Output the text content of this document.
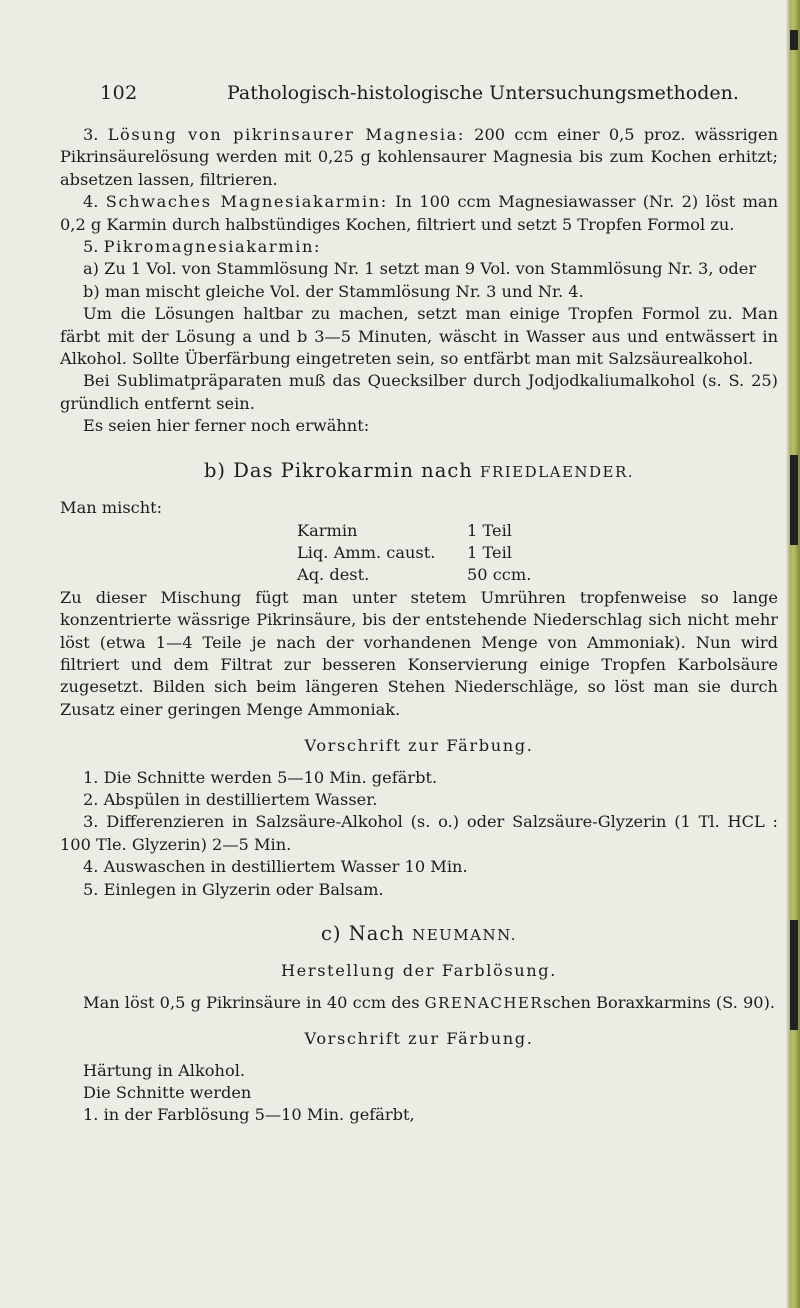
102	Pathologisch-histologische Untersuchungsmethoden.

3. Lösung von pikrinsaurer Magnesia: 200 ccm einer 0,5 proz. wässrigen Pikrinsäurelösung werden mit 0,25 g kohlensaurer Magnesia bis zum Kochen erhitzt; absetzen lassen, filtrieren.

4. Schwaches Magnesiakarmin: In 100 ccm Magnesiawasser (Nr. 2) löst man 0,2 g Karmin durch halbstündiges Kochen, filtriert und setzt 5 Tropfen Formol zu.

5. Pikromagnesiakarmin:

a) Zu 1 Vol. von Stammlösung Nr. 1 setzt man 9 Vol. von Stammlösung Nr. 3, oder

b) man mischt gleiche Vol. der Stammlösung Nr. 3 und Nr. 4.

Um die Lösungen haltbar zu machen, setzt man einige Tropfen Formol zu. Man färbt mit der Lösung a und b 3—5 Minuten, wäscht in Wasser aus und entwässert in Alkohol. Sollte Überfärbung eingetreten sein, so entfärbt man mit Salzsäurealkohol.

Bei Sublimatpräparaten muß das Quecksilber durch Jodjodkaliumalkohol (s. S. 25) gründlich entfernt sein.

Es seien hier ferner noch erwähnt:

b) Das Pikrokarmin nach FRIEDLAENDER.

Man mischt:

Karmin	1 Teil
Liq. Amm. caust.	1 Teil
Aq. dest.	50 ccm.

Zu dieser Mischung fügt man unter stetem Umrühren tropfenweise so lange konzentrierte wässrige Pikrinsäure, bis der entstehende Niederschlag sich nicht mehr löst (etwa 1—4 Teile je nach der vorhandenen Menge von Ammoniak). Nun wird filtriert und dem Filtrat zur besseren Konservierung einige Tropfen Karbolsäure zugesetzt. Bilden sich beim längeren Stehen Niederschläge, so löst man sie durch Zusatz einer geringen Menge Ammoniak.

Vorschrift zur Färbung.

1. Die Schnitte werden 5—10 Min. gefärbt.

2. Abspülen in destilliertem Wasser.

3. Differenzieren in Salzsäure-Alkohol (s. o.) oder Salzsäure-Glyzerin (1 Tl. HCL : 100 Tle. Glyzerin) 2—5 Min.

4. Auswaschen in destilliertem Wasser 10 Min.

5. Einlegen in Glyzerin oder Balsam.

c) Nach NEUMANN.
Herstellung der Farblösung.

Man löst 0,5 g Pikrinsäure in 40 ccm des GRENACHERschen Boraxkarmins (S. 90).

Vorschrift zur Färbung.

Härtung in Alkohol.

Die Schnitte werden

1. in der Farblösung 5—10 Min. gefärbt,
